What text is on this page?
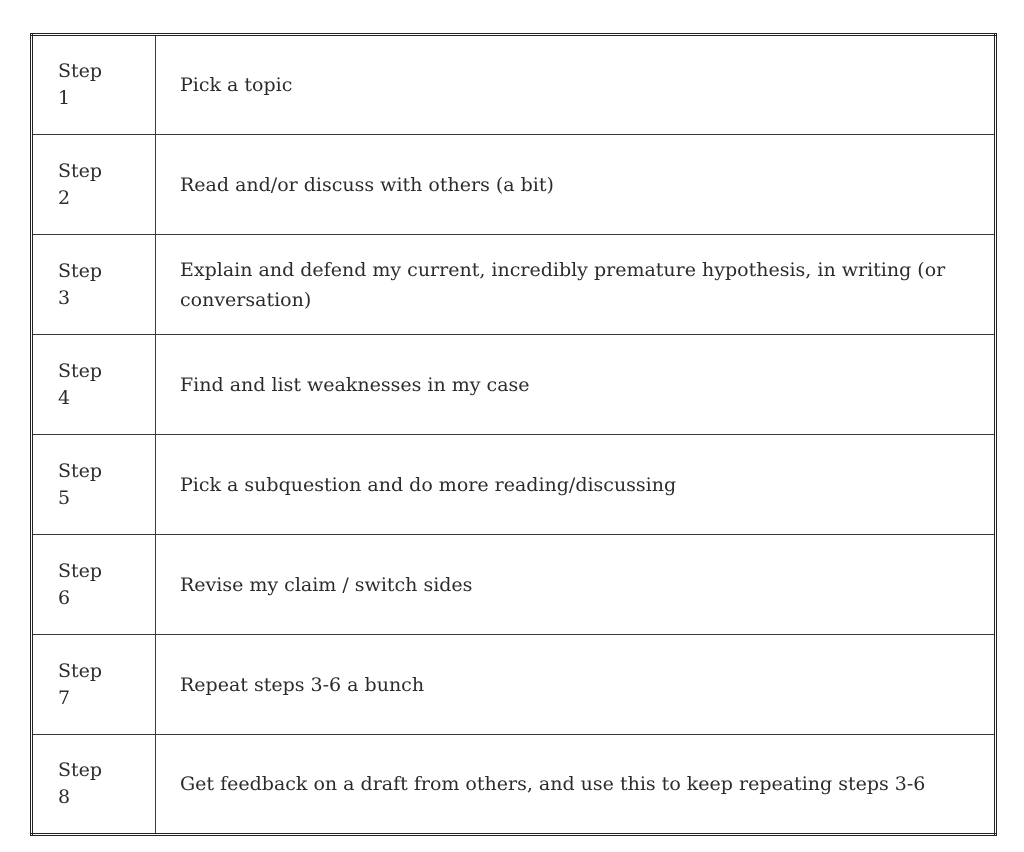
Step
1	Pick a topic

Step
2	Read and/or discuss with others (a bit)

Step
3	Explain and defend my current, incredibly premature hypothesis, in writing (or conversation)

Step
4	Find and list weaknesses in my case

Step
5	Pick a subquestion and do more reading/discussing

Step
6	Revise my claim / switch sides

Step
7	Repeat steps 3-6 a bunch

Step
8	Get feedback on a draft from others, and use this to keep repeating steps 3-6
